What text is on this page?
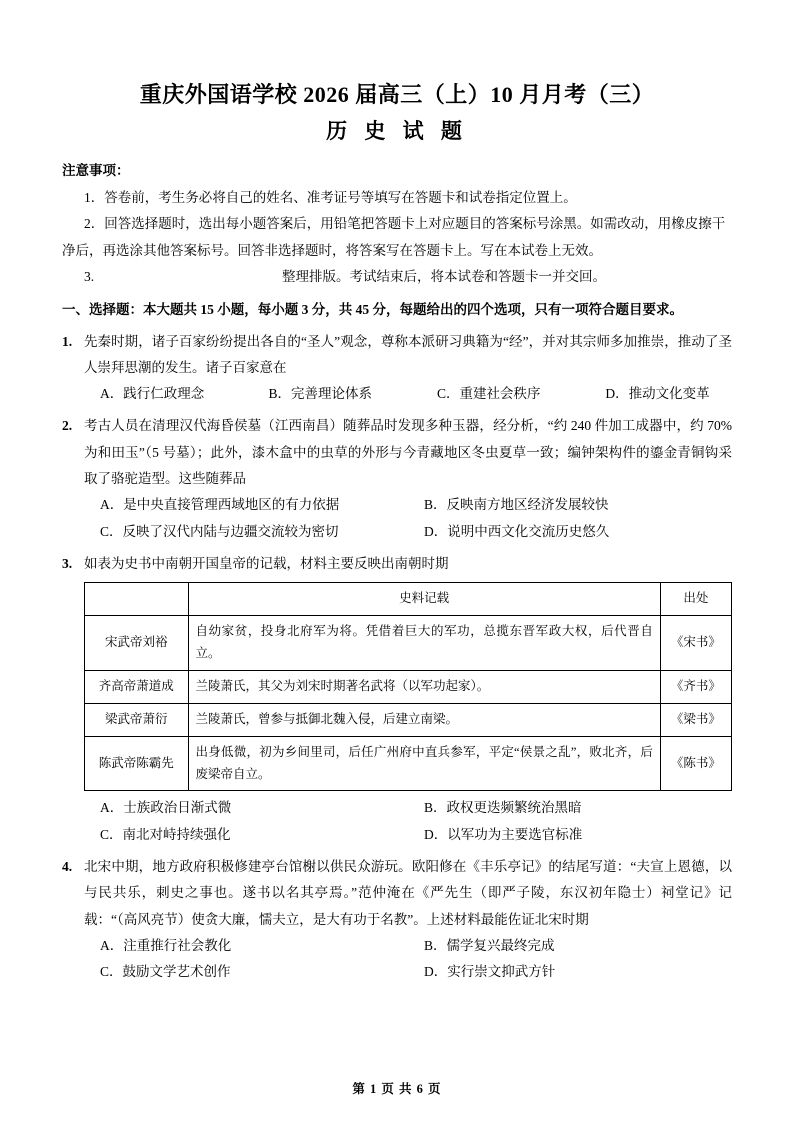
重庆外国语学校 2026 届高三（上）10 月月考（三）
历 史 试 题
注意事项：
1．答卷前，考生务必将自己的姓名、准考证号等填写在答题卡和试卷指定位置上。
2．回答选择题时，选出每小题答案后，用铅笔把答题卡上对应题目的答案标号涂黑。如需改动，用橡皮擦干净后，再选涂其他答案标号。回答非选择题时，将答案写在答题卡上。写在本试卷上无效。
3.	整理排版。考试结束后，将本试卷和答题卡一并交回。
一、选择题：本大题共 15 小题，每小题 3 分，共 45 分，每题给出的四个选项，只有一项符合题目要求。
1. 先秦时期，诸子百家纷纷提出各自的“圣人”观念，尊称本派研习典籍为“经”，并对其宗师多加推崇，推动了圣人崇拜思潮的发生。诸子百家意在
A．践行仁政理念	B．完善理论体系	C．重建社会秩序	D．推动文化变革
2. 考古人员在清理汉代海昏侯墓（江西南昌）随葬品时发现多种玉器，经分析，“约 240 件加工成器中，约 70%为和田玉”（5 号墓）；此外，漆木盒中的虫草的外形与今青藏地区冬虫夏草一致；编钟架构件的鎏金青铜钩采取了骆驼造型。这些随葬品
A．是中央直接管理西域地区的有力依据	B．反映南方地区经济发展较快
C．反映了汉代内陆与边疆交流较为密切	D．说明中西文化交流历史悠久
3. 如表为史书中南朝开国皇帝的记载，材料主要反映出南朝时期
	史料记载	出处
宋武帝刘裕	自幼家贫，投身北府军为将。凭借着巨大的军功，总揽东晋军政大权，后代晋自立。	《宋书》
齐高帝萧道成	兰陵萧氏，其父为刘宋时期著名武将（以军功起家）。	《齐书》
梁武帝萧衍	兰陵萧氏，曾参与抵御北魏入侵，后建立南梁。	《梁书》
陈武帝陈霸先	出身低微，初为乡间里司，后任广州府中直兵参军，平定“侯景之乱”，败北齐，后废梁帝自立。	《陈书》
A．士族政治日渐式微	B．政权更迭频繁统治黑暗
C．南北对峙持续强化	D．以军功为主要选官标准
4. 北宋中期，地方政府积极修建亭台馆榭以供民众游玩。欧阳修在《丰乐亭记》的结尾写道：“夫宣上恩德，以与民共乐，刺史之事也。遂书以名其亭焉。”范仲淹在《严先生（即严子陵，东汉初年隐士）祠堂记》记载：“（高风亮节）使贪大廉，懦夫立，是大有功于名教”。上述材料最能佐证北宋时期
A．注重推行社会教化	B．儒学复兴最终完成
C．鼓励文学艺术创作	D．实行崇文抑武方针
第 1 页 共 6 页
